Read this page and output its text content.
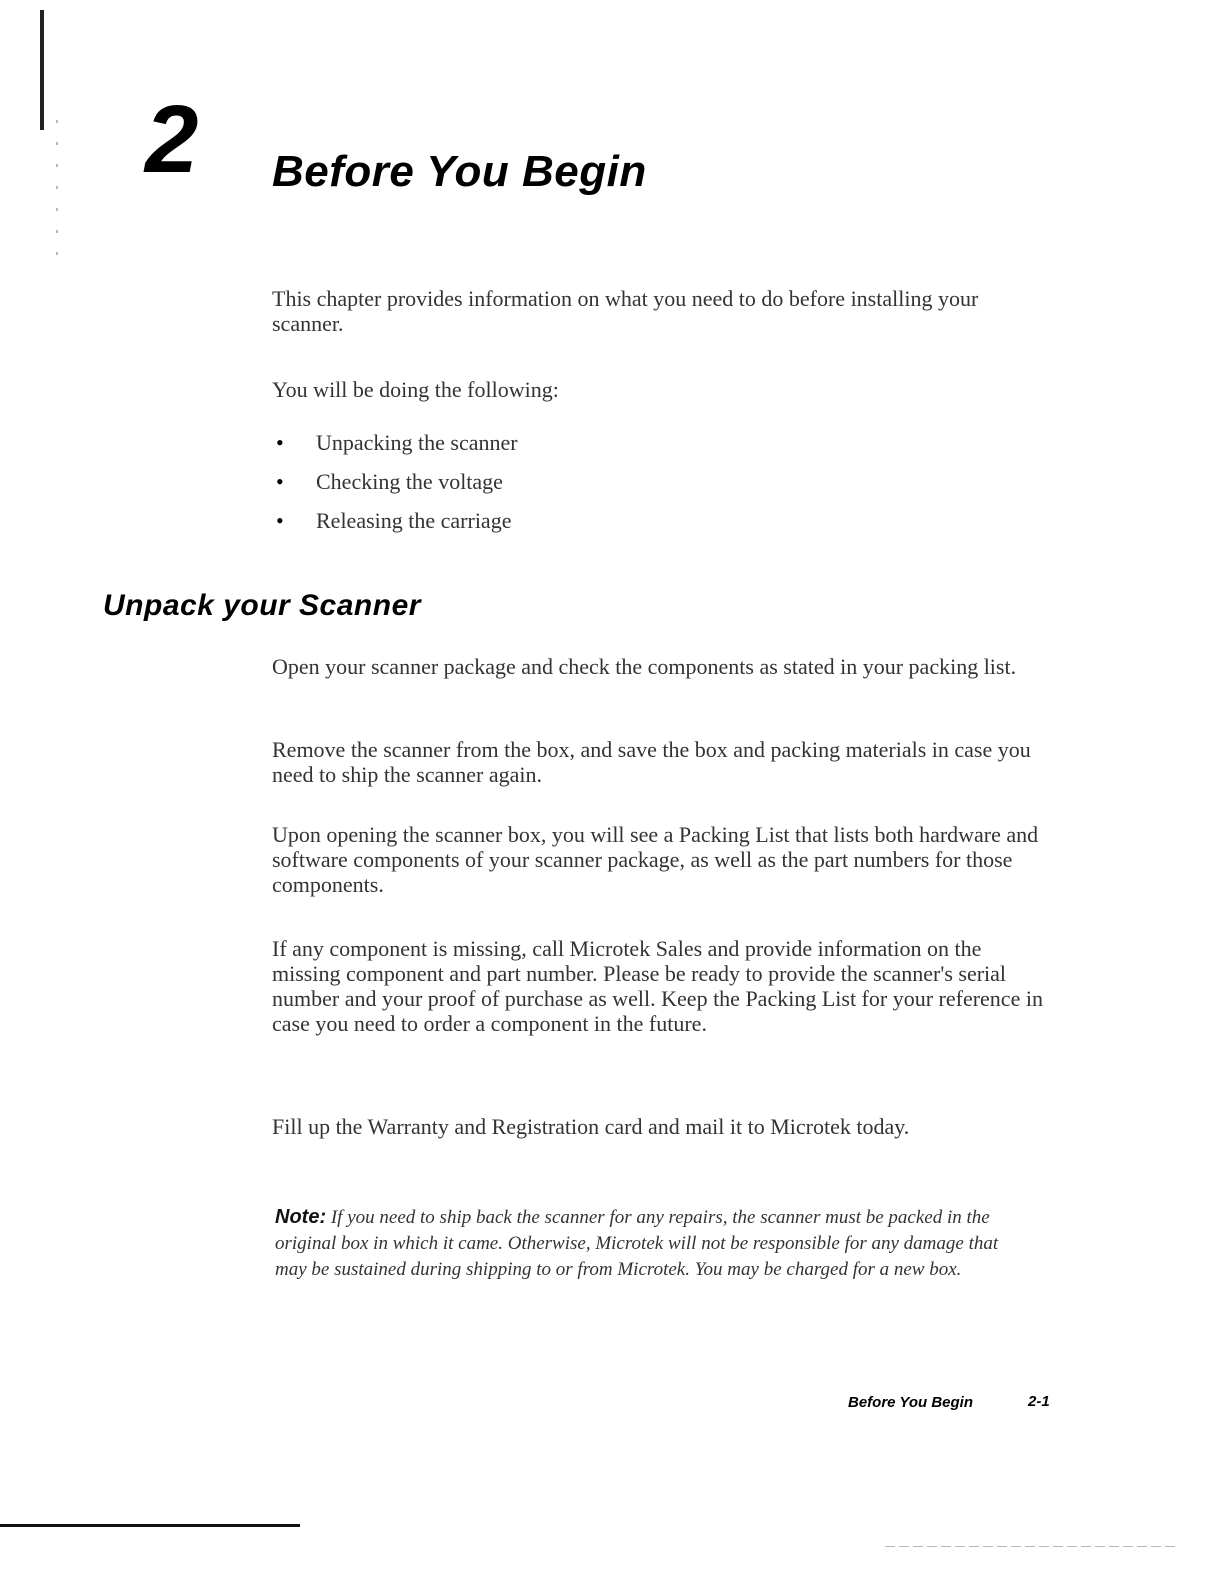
2 Before You Begin

This chapter provides information on what you need to do before installing your scanner.

You will be doing the following:

• Unpacking the scanner
• Checking the voltage
• Releasing the carriage
Unpack your Scanner

Open your scanner package and check the components as stated in your packing list.

Remove the scanner from the box, and save the box and packing materials in case you need to ship the scanner again.

Upon opening the scanner box, you will see a Packing List that lists both hardware and software components of your scanner package, as well as the part numbers for those components.

If any component is missing, call Microtek Sales and provide information on the missing component and part number. Please be ready to provide the scanner's serial number and your proof of purchase as well. Keep the Packing List for your reference in case you need to order a component in the future.

Fill up the Warranty and Registration card and mail it to Microtek today.

Note: If you need to ship back the scanner for any repairs, the scanner must be packed in the original box in which it came. Otherwise, Microtek will not be responsible for any damage that may be sustained during shipping to or from Microtek. You may be charged for a new box.

Before You Begin	2-1
